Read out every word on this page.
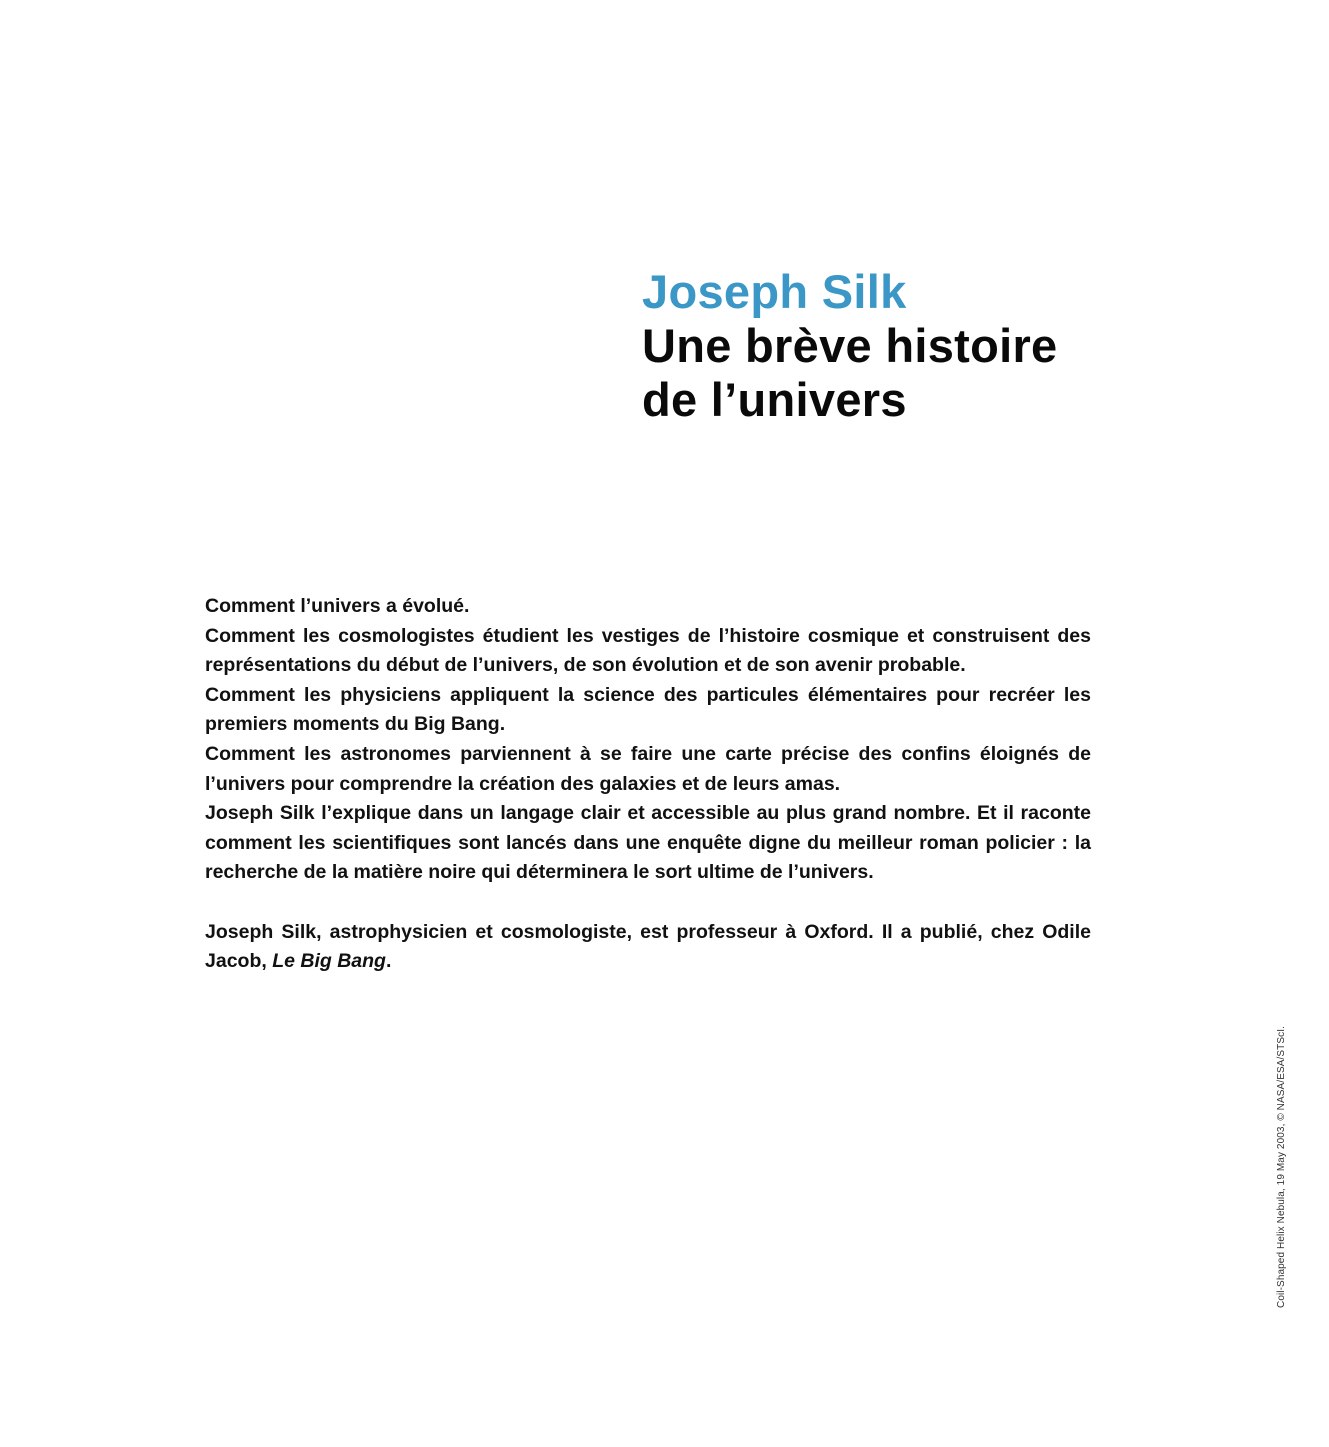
Joseph Silk
Une brève histoire
de l’univers

Comment l’univers a évolué.

Comment les cosmologistes étudient les vestiges de l’histoire cosmique et construisent des représentations du début de l’univers, de son évolution et de son avenir probable.

Comment les physiciens appliquent la science des particules élémentaires pour recréer les premiers moments du Big Bang.

Comment les astronomes parviennent à se faire une carte précise des confins éloignés de l’univers pour comprendre la création des galaxies et de leurs amas.

Joseph Silk l’explique dans un langage clair et accessible au plus grand nombre. Et il raconte comment les scientifiques sont lancés dans une enquête digne du meilleur roman policier : la recherche de la matière noire qui déterminera le sort ultime de l’univers.

Joseph Silk, astrophysicien et cosmologiste, est professeur à Oxford. Il a publié, chez Odile Jacob, Le Big Bang.

Coil-Shaped Helix Nebula, 19 May 2003, © NASA/ESA/STScI.
